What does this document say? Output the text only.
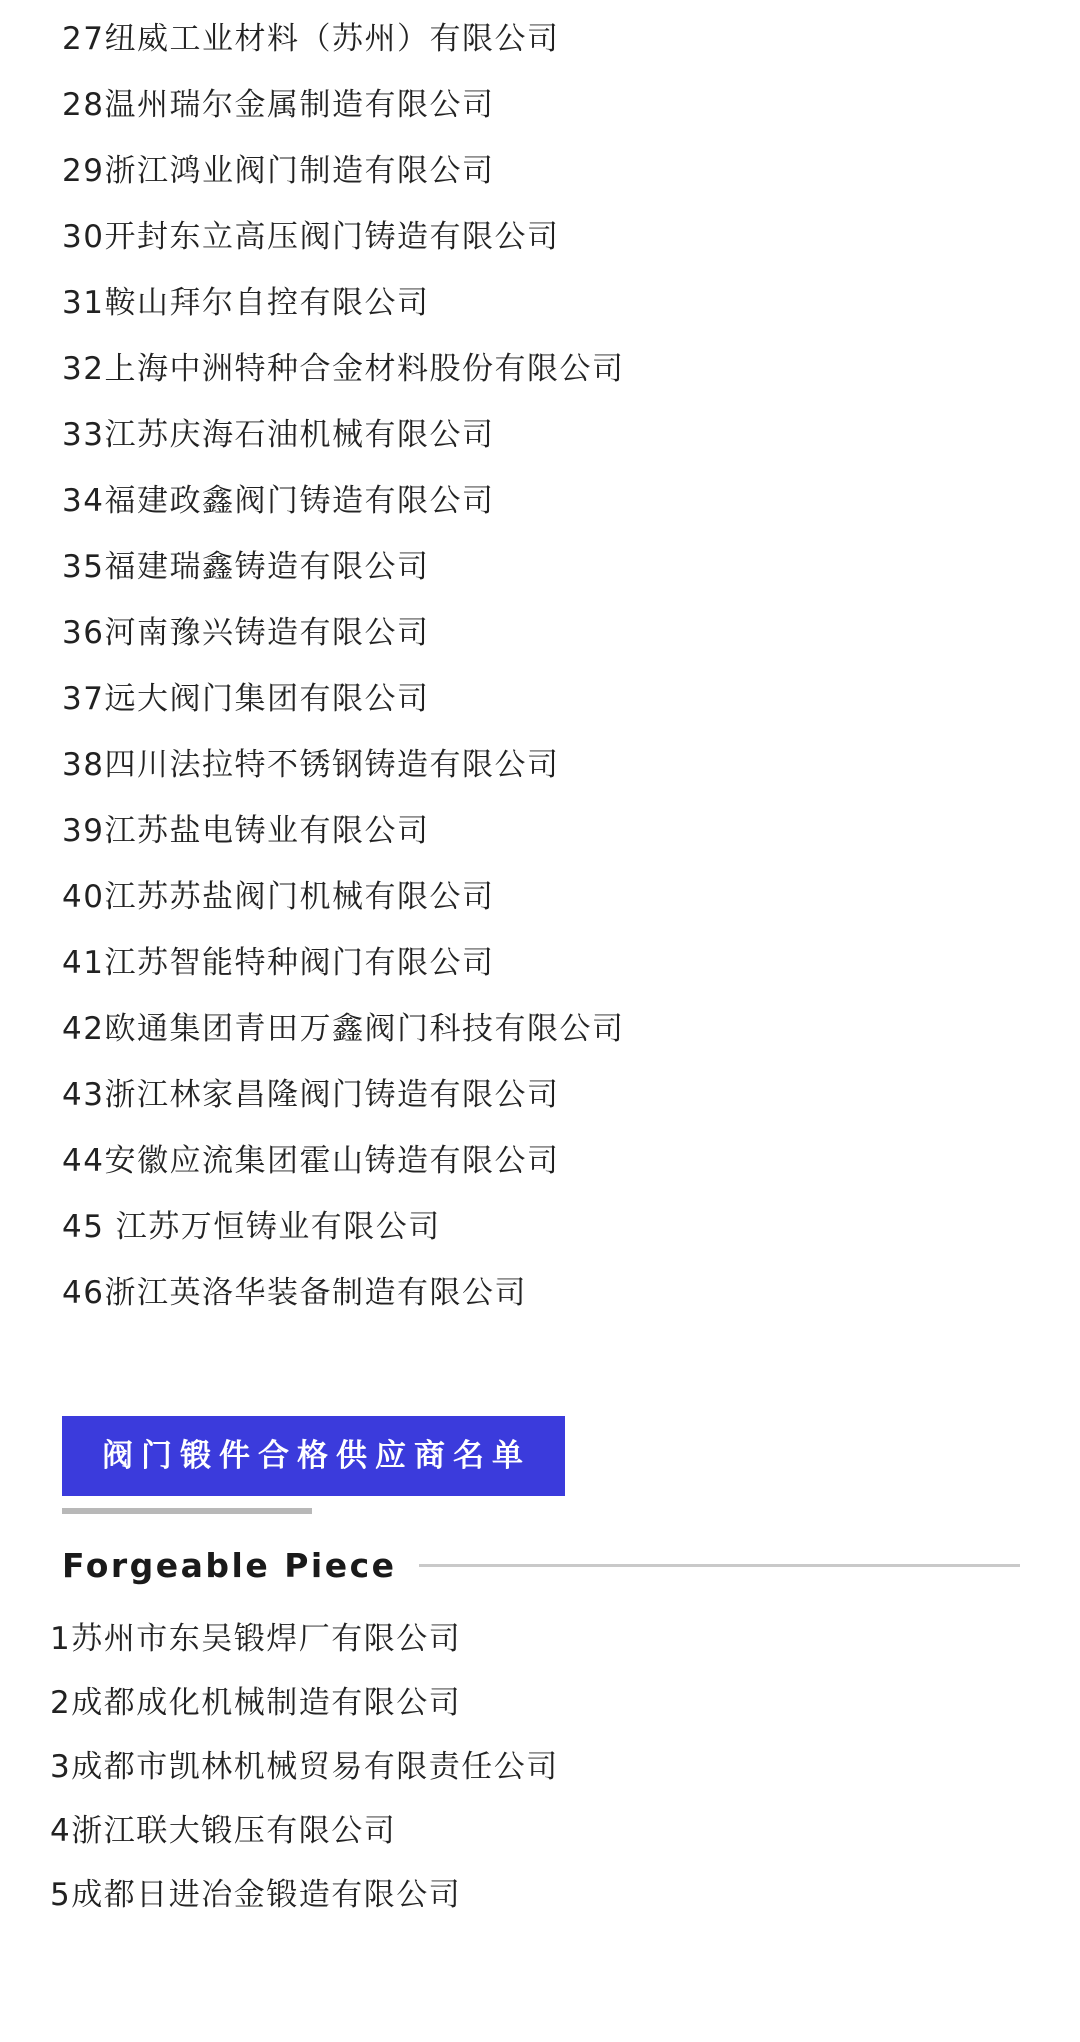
27纽威工业材料（苏州）有限公司
28温州瑞尔金属制造有限公司
29浙江鸿业阀门制造有限公司
30开封东立高压阀门铸造有限公司
31鞍山拜尔自控有限公司
32上海中洲特种合金材料股份有限公司
33江苏庆海石油机械有限公司
34福建政鑫阀门铸造有限公司
35福建瑞鑫铸造有限公司
36河南豫兴铸造有限公司
37远大阀门集团有限公司
38四川法拉特不锈钢铸造有限公司
39江苏盐电铸业有限公司
40江苏苏盐阀门机械有限公司
41江苏智能特种阀门有限公司
42欧通集团青田万鑫阀门科技有限公司
43浙江林家昌隆阀门铸造有限公司
44安徽应流集团霍山铸造有限公司
45 江苏万恒铸业有限公司
46浙江英洛华装备制造有限公司
阀门锻件合格供应商名单
Forgeable Piece
1苏州市东吴锻焊厂有限公司
2成都成化机械制造有限公司
3成都市凯林机械贸易有限责任公司
4浙江联大锻压有限公司
5成都日进冶金锻造有限公司
